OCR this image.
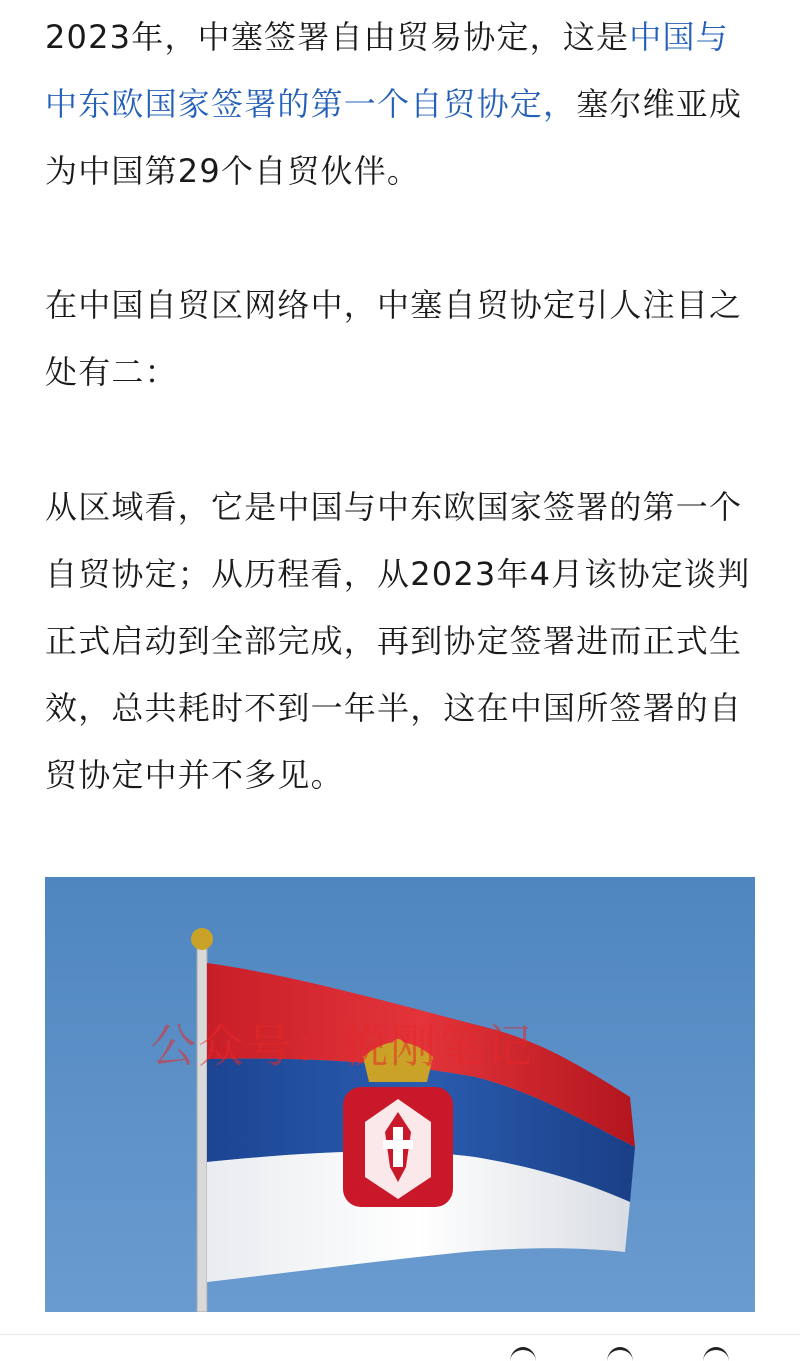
2023年，中塞签署自由贸易协定，这是中国与中东欧国家签署的第一个自贸协定，塞尔维亚成为中国第29个自贸伙伴。

在中国自贸区网络中，中塞自贸协定引人注目之处有二：

从区域看，它是中国与中东欧国家签署的第一个自贸协定；从历程看，从2023年4月该协定谈判正式启动到全部完成，再到协定签署进而正式生效，总共耗时不到一年半，这在中国所签署的自贸协定中并不多见。

公众号：悦刚笔记
